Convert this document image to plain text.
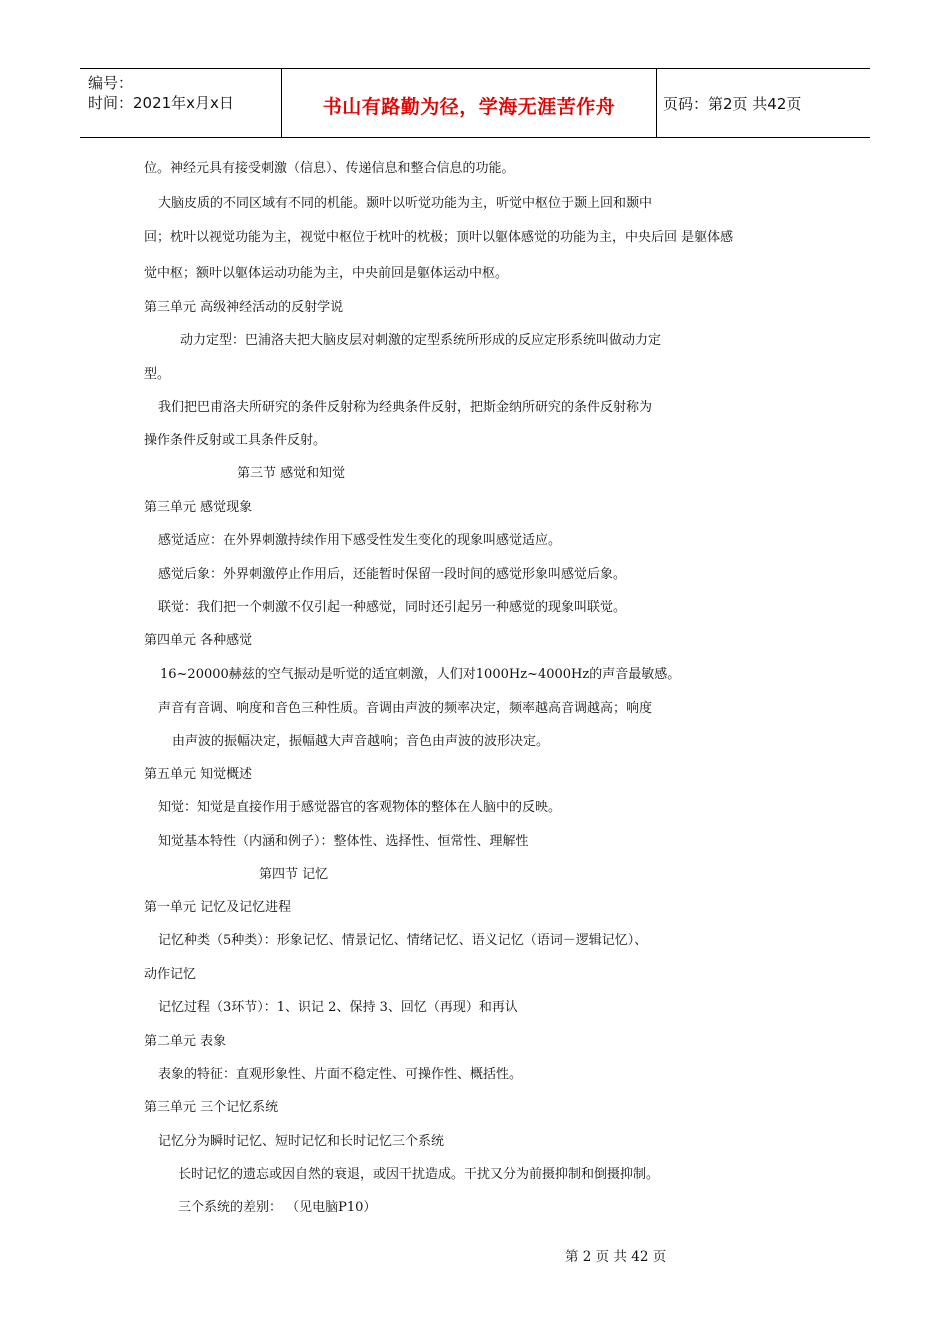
编号：
时间：2021年x月x日	书山有路勤为径，学海无涯苦作舟	页码：第2页 共42页
位。神经元具有接受刺激（信息）、传递信息和整合信息的功能。
大脑皮质的不同区域有不同的机能。颞叶以听觉功能为主，听觉中枢位于颞上回和颞中
回；枕叶以视觉功能为主，视觉中枢位于枕叶的枕极；顶叶以躯体感觉的功能为主，中央后回 是躯体感
觉中枢；额叶以躯体运动功能为主，中央前回是躯体运动中枢。
第三单元 高级神经活动的反射学说
动力定型：巴浦洛夫把大脑皮层对刺激的定型系统所形成的反应定形系统叫做动力定
型。
我们把巴甫洛夫所研究的条件反射称为经典条件反射，把斯金纳所研究的条件反射称为
操作条件反射或工具条件反射。
第三节 感觉和知觉
第三单元 感觉现象
感觉适应：在外界刺激持续作用下感受性发生变化的现象叫感觉适应。
感觉后象：外界刺激停止作用后，还能暂时保留一段时间的感觉形象叫感觉后象。
联觉：我们把一个刺激不仅引起一种感觉，同时还引起另一种感觉的现象叫联觉。
第四单元 各种感觉
16~20000赫兹的空气振动是听觉的适宜刺激，人们对1000Hz~4000Hz的声音最敏感。
声音有音调、响度和音色三种性质。音调由声波的频率决定，频率越高音调越高；响度
由声波的振幅决定，振幅越大声音越响；音色由声波的波形决定。
第五单元 知觉概述
知觉：知觉是直接作用于感觉器官的客观物体的整体在人脑中的反映。
知觉基本特性（内涵和例子）：整体性、选择性、恒常性、理解性
第四节 记忆
第一单元 记忆及记忆进程
记忆种类（5种类）：形象记忆、情景记忆、情绪记忆、语义记忆（语词－逻辑记忆）、
动作记忆
记忆过程（3环节）：1、识记 2、保持 3、回忆（再现）和再认
第二单元 表象
表象的特征：直观形象性、片面不稳定性、可操作性、概括性。
第三单元 三个记忆系统
记忆分为瞬时记忆、短时记忆和长时记忆三个系统
长时记忆的遗忘或因自然的衰退，或因干扰造成。干扰又分为前摄抑制和倒摄抑制。
三个系统的差别： （见电脑P10）
第 2 页 共 42 页
